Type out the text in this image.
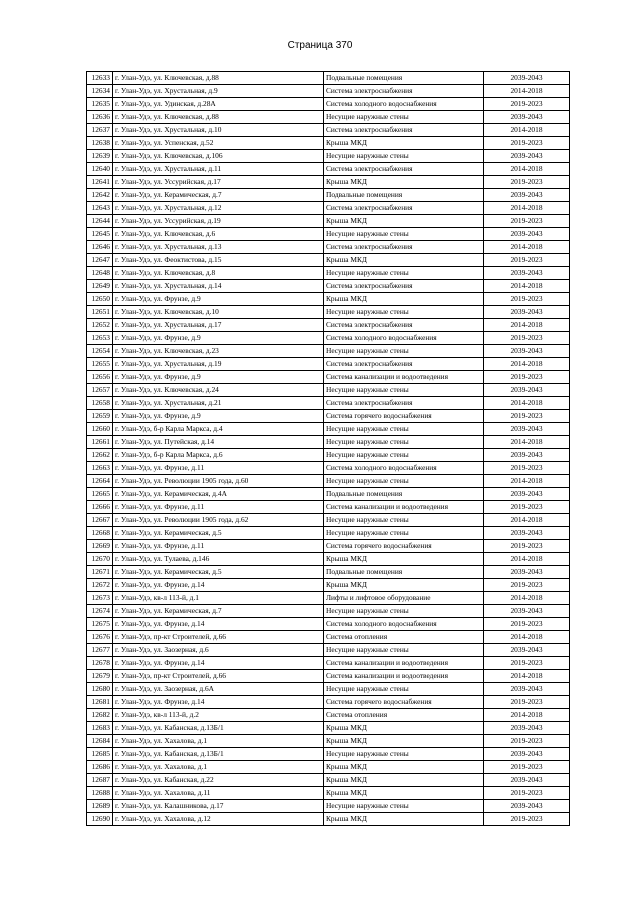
Страница 370
12633	г. Улан-Удэ, ул. Ключевская, д.88	Подвальные помещения	2039-2043
12634	г. Улан-Удэ, ул. Хрустальная, д.9	Система электроснабжения	2014-2018
12635	г. Улан-Удэ, ул. Удинская, д.28А	Система холодного водоснабжения	2019-2023
12636	г. Улан-Удэ, ул. Ключевская, д.88	Несущие наружные стены	2039-2043
12637	г. Улан-Удэ, ул. Хрустальная, д.10	Система электроснабжения	2014-2018
12638	г. Улан-Удэ, ул. Успенская, д.52	Крыша МКД	2019-2023
12639	г. Улан-Удэ, ул. Ключевская, д.106	Несущие наружные стены	2039-2043
12640	г. Улан-Удэ, ул. Хрустальная, д.11	Система электроснабжения	2014-2018
12641	г. Улан-Удэ, ул. Уссурийская, д.17	Крыша МКД	2019-2023
12642	г. Улан-Удэ, ул. Керамическая, д.7	Подвальные помещения	2039-2043
12643	г. Улан-Удэ, ул. Хрустальная, д.12	Система электроснабжения	2014-2018
12644	г. Улан-Удэ, ул. Уссурийская, д.19	Крыша МКД	2019-2023
12645	г. Улан-Удэ, ул. Ключевская, д.6	Несущие наружные стены	2039-2043
12646	г. Улан-Удэ, ул. Хрустальная, д.13	Система электроснабжения	2014-2018
12647	г. Улан-Удэ, ул. Феоктистова, д.15	Крыша МКД	2019-2023
12648	г. Улан-Удэ, ул. Ключевская, д.8	Несущие наружные стены	2039-2043
12649	г. Улан-Удэ, ул. Хрустальная, д.14	Система электроснабжения	2014-2018
12650	г. Улан-Удэ, ул. Фрунзе, д.9	Крыша МКД	2019-2023
12651	г. Улан-Удэ, ул. Ключевская, д.10	Несущие наружные стены	2039-2043
12652	г. Улан-Удэ, ул. Хрустальная, д.17	Система электроснабжения	2014-2018
12653	г. Улан-Удэ, ул. Фрунзе, д.9	Система холодного водоснабжения	2019-2023
12654	г. Улан-Удэ, ул. Ключевская, д.23	Несущие наружные стены	2039-2043
12655	г. Улан-Удэ, ул. Хрустальная, д.19	Система электроснабжения	2014-2018
12656	г. Улан-Удэ, ул. Фрунзе, д.9	Система канализации и водоотведения	2019-2023
12657	г. Улан-Удэ, ул. Ключевская, д.24	Несущие наружные стены	2039-2043
12658	г. Улан-Удэ, ул. Хрустальная, д.21	Система электроснабжения	2014-2018
12659	г. Улан-Удэ, ул. Фрунзе, д.9	Система горячего водоснабжения	2019-2023
12660	г. Улан-Удэ, б-р Карла Маркса, д.4	Несущие наружные стены	2039-2043
12661	г. Улан-Удэ, ул. Путейская, д.14	Несущие наружные стены	2014-2018
12662	г. Улан-Удэ, б-р Карла Маркса, д.6	Несущие наружные стены	2039-2043
12663	г. Улан-Удэ, ул. Фрунзе, д.11	Система холодного водоснабжения	2019-2023
12664	г. Улан-Удэ, ул. Революции 1905 года, д.60	Несущие наружные стены	2014-2018
12665	г. Улан-Удэ, ул. Керамическая, д.4А	Подвальные помещения	2039-2043
12666	г. Улан-Удэ, ул. Фрунзе, д.11	Система канализации и водоотведения	2019-2023
12667	г. Улан-Удэ, ул. Революции 1905 года, д.62	Несущие наружные стены	2014-2018
12668	г. Улан-Удэ, ул. Керамическая, д.5	Несущие наружные стены	2039-2043
12669	г. Улан-Удэ, ул. Фрунзе, д.11	Система горячего водоснабжения	2019-2023
12670	г. Улан-Удэ, ул. Тулаева, д.146	Крыша МКД	2014-2018
12671	г. Улан-Удэ, ул. Керамическая, д.5	Подвальные помещения	2039-2043
12672	г. Улан-Удэ, ул. Фрунзе, д.14	Крыша МКД	2019-2023
12673	г. Улан-Удэ, кв-л 113-й, д.1	Лифты и лифтовое оборудование	2014-2018
12674	г. Улан-Удэ, ул. Керамическая, д.7	Несущие наружные стены	2039-2043
12675	г. Улан-Удэ, ул. Фрунзе, д.14	Система холодного водоснабжения	2019-2023
12676	г. Улан-Удэ, пр-кт Строителей, д.66	Система отопления	2014-2018
12677	г. Улан-Удэ, ул. Заозерная, д.6	Несущие наружные стены	2039-2043
12678	г. Улан-Удэ, ул. Фрунзе, д.14	Система канализации и водоотведения	2019-2023
12679	г. Улан-Удэ, пр-кт Строителей, д.66	Система канализации и водоотведения	2014-2018
12680	г. Улан-Удэ, ул. Заозерная, д.6А	Несущие наружные стены	2039-2043
12681	г. Улан-Удэ, ул. Фрунзе, д.14	Система горячего водоснабжения	2019-2023
12682	г. Улан-Удэ, кв-л 113-й, д.2	Система отопления	2014-2018
12683	г. Улан-Удэ, ул. Кабанская, д.13Б/1	Крыша МКД	2039-2043
12684	г. Улан-Удэ, ул. Хахалова, д.1	Крыша МКД	2019-2023
12685	г. Улан-Удэ, ул. Кабанская, д.13Б/1	Несущие наружные стены	2039-2043
12686	г. Улан-Удэ, ул. Хахалова, д.1	Крыша МКД	2019-2023
12687	г. Улан-Удэ, ул. Кабанская, д.22	Крыша МКД	2039-2043
12688	г. Улан-Удэ, ул. Хахалова, д.11	Крыша МКД	2019-2023
12689	г. Улан-Удэ, ул. Калашникова, д.17	Несущие наружные стены	2039-2043
12690	г. Улан-Удэ, ул. Хахалова, д.12	Крыша МКД	2019-2023
